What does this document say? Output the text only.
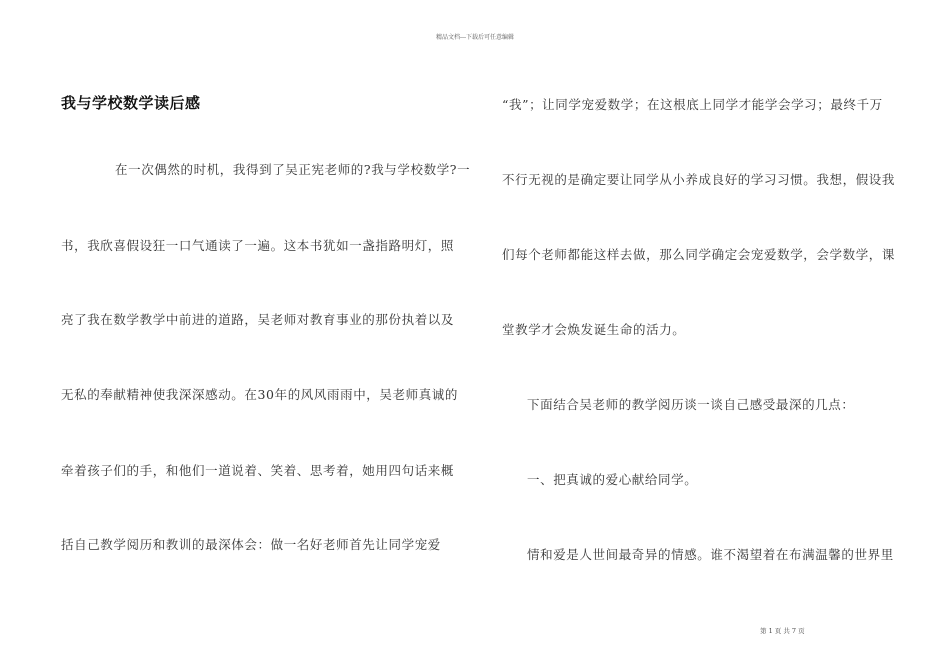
精品文档---下载后可任意编辑
我与学校数学读后感
在一次偶然的时机，我得到了吴正宪老师的?我与学校数学?一
书，我欣喜假设狂一口气通读了一遍。这本书犹如一盏指路明灯，照
亮了我在数学教学中前进的道路，吴老师对教育事业的那份执着以及
无私的奉献精神使我深深感动。在30年的风风雨雨中，吴老师真诚的
牵着孩子们的手，和他们一道说着、笑着、思考着，她用四句话来概
括自己教学阅历和教训的最深体会：做一名好老师首先让同学宠爱
“我”；让同学宠爱数学；在这根底上同学才能学会学习；最终千万
不行无视的是确定要让同学从小养成良好的学习习惯。我想，假设我
们每个老师都能这样去做，那么同学确定会宠爱数学，会学数学，课
堂教学才会焕发诞生命的活力。
下面结合吴老师的教学阅历谈一谈自己感受最深的几点：
一、把真诚的爱心献给同学。
情和爱是人世间最奇异的情感。谁不渴望着在布满温馨的世界里
第 1 页 共 7 页
